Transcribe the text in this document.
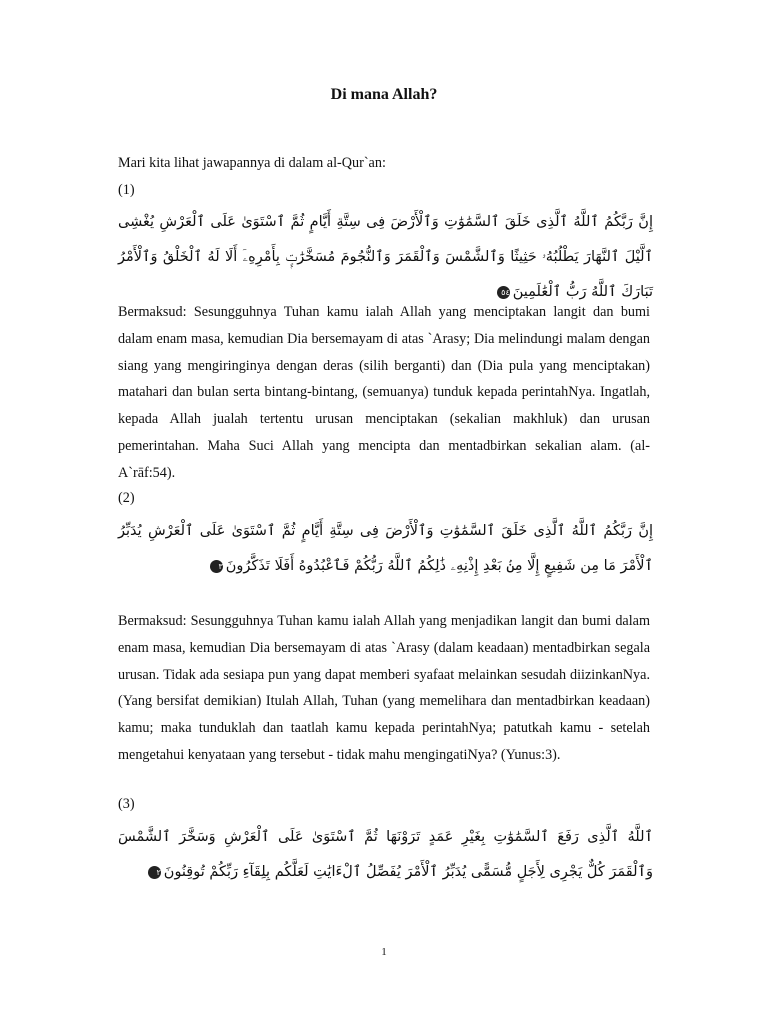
Di mana Allah?
Mari kita lihat jawapannya di dalam al-Qur`an:
(1)
إِنَّ رَبَّكُمُ ٱللَّهُ ٱلَّذِى خَلَقَ ٱلسَّمَٰوَٰتِ وَٱلْأَرْضَ فِى سِتَّةِ أَيَّامٍ ثُمَّ ٱسْتَوَىٰ عَلَى ٱلْعَرْشِ يُغْشِى ٱلَّيْلَ ٱلنَّهَارَ يَطْلُبُهُۥ حَثِيثًا وَٱلشَّمْسَ وَٱلْقَمَرَ وَٱلنُّجُومَ مُسَخَّرَٰتٍۭ بِأَمْرِهِۦٓ أَلَا لَهُ ٱلْخَلْقُ وَٱلْأَمْرُ تَبَارَكَ ٱللَّهُ رَبُّ ٱلْعَٰلَمِينَ٥٤
Bermaksud: Sesungguhnya Tuhan kamu ialah Allah yang menciptakan langit dan bumi dalam enam masa, kemudian Dia bersemayam di atas `Arasy; Dia melindungi malam dengan siang yang mengiringinya dengan deras (silih berganti) dan (Dia pula yang menciptakan) matahari dan bulan serta bintang-bintang, (semuanya) tunduk kepada perintahNya. Ingatlah, kepada Allah jualah tertentu urusan menciptakan (sekalian makhluk) dan urusan pemerintahan. Maha Suci Allah yang mencipta dan mentadbirkan sekalian alam. (al-A`rāf:54).
(2)
إِنَّ رَبَّكُمُ ٱللَّهُ ٱلَّذِى خَلَقَ ٱلسَّمَٰوَٰتِ وَٱلْأَرْضَ فِى سِتَّةِ أَيَّامٍ ثُمَّ ٱسْتَوَىٰ عَلَى ٱلْعَرْشِ يُدَبِّرُ ٱلْأَمْرَ مَا مِن شَفِيعٍ إِلَّا مِنۢ بَعْدِ إِذْنِهِۦ ذَٰلِكُمُ ٱللَّهُ رَبُّكُمْ فَٱعْبُدُوهُ أَفَلَا تَذَكَّرُونَ٣
Bermaksud: Sesungguhnya Tuhan kamu ialah Allah yang menjadikan langit dan bumi dalam enam masa, kemudian Dia bersemayam di atas `Arasy (dalam keadaan) mentadbirkan segala urusan. Tidak ada sesiapa pun yang dapat memberi syafaat melainkan sesudah diizinkanNya. (Yang bersifat demikian) Itulah Allah, Tuhan (yang memelihara dan mentadbirkan keadaan) kamu; maka tunduklah dan taatlah kamu kepada perintahNya; patutkah kamu - setelah mengetahui kenyataan yang tersebut - tidak mahu mengingatiNya? (Yunus:3).
(3)
ٱللَّهُ ٱلَّذِى رَفَعَ ٱلسَّمَٰوَٰتِ بِغَيْرِ عَمَدٍ تَرَوْنَهَا ثُمَّ ٱسْتَوَىٰ عَلَى ٱلْعَرْشِ وَسَخَّرَ ٱلشَّمْسَ وَٱلْقَمَرَ كُلٌّ يَجْرِى لِأَجَلٍ مُّسَمًّى يُدَبِّرُ ٱلْأَمْرَ يُفَصِّلُ ٱلْءَايَٰتِ لَعَلَّكُم بِلِقَآءِ رَبِّكُمْ تُوقِنُونَ٢
1
